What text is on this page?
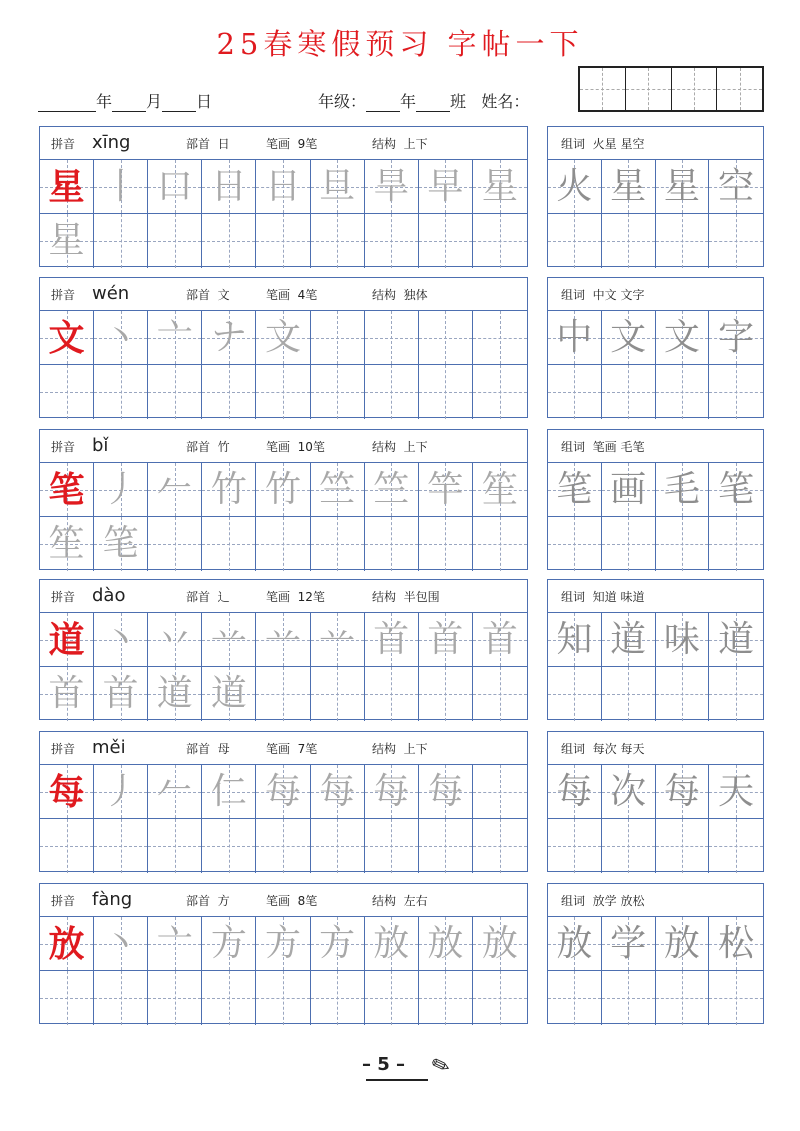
25春寒假预习 字帖一下
年 月 日	年级： 年 班 姓名：
拼音 xīng	部首 日	笔画 9笔	结构 上下
星 丨 口 日 日 旦 旱 早 星
星
组词 火星 星空
火 星 星 空
拼音 wén	部首 文	笔画 4笔	结构 独体
文 丶 亠 ナ 文
组词 中文 文字
中 文 文 字
拼音 bǐ	部首 竹	笔画 10笔	结构 上下
笔 丿 𠂉 竹 竹 竺 竺 竿 笙
笙 笔
组词 笔画 毛笔
笔 画 毛 笔
拼音 dào	部首 辶	笔画 12笔	结构 半包围
道 丶 丷 䒑 䒑 䒑 首 首 首
首 首 道 道
组词 知道 味道
知 道 味 道
拼音 měi	部首 母	笔画 7笔	结构 上下
每 丿 𠂉 仁 每 每 每 每
组词 每次 每天
每 次 每 天
拼音 fàng	部首 方	笔画 8笔	结构 左右
放 丶 亠 方 方 方 放 放 放
组词 放学 放松
放 学 放 松
– 5 – ✎
